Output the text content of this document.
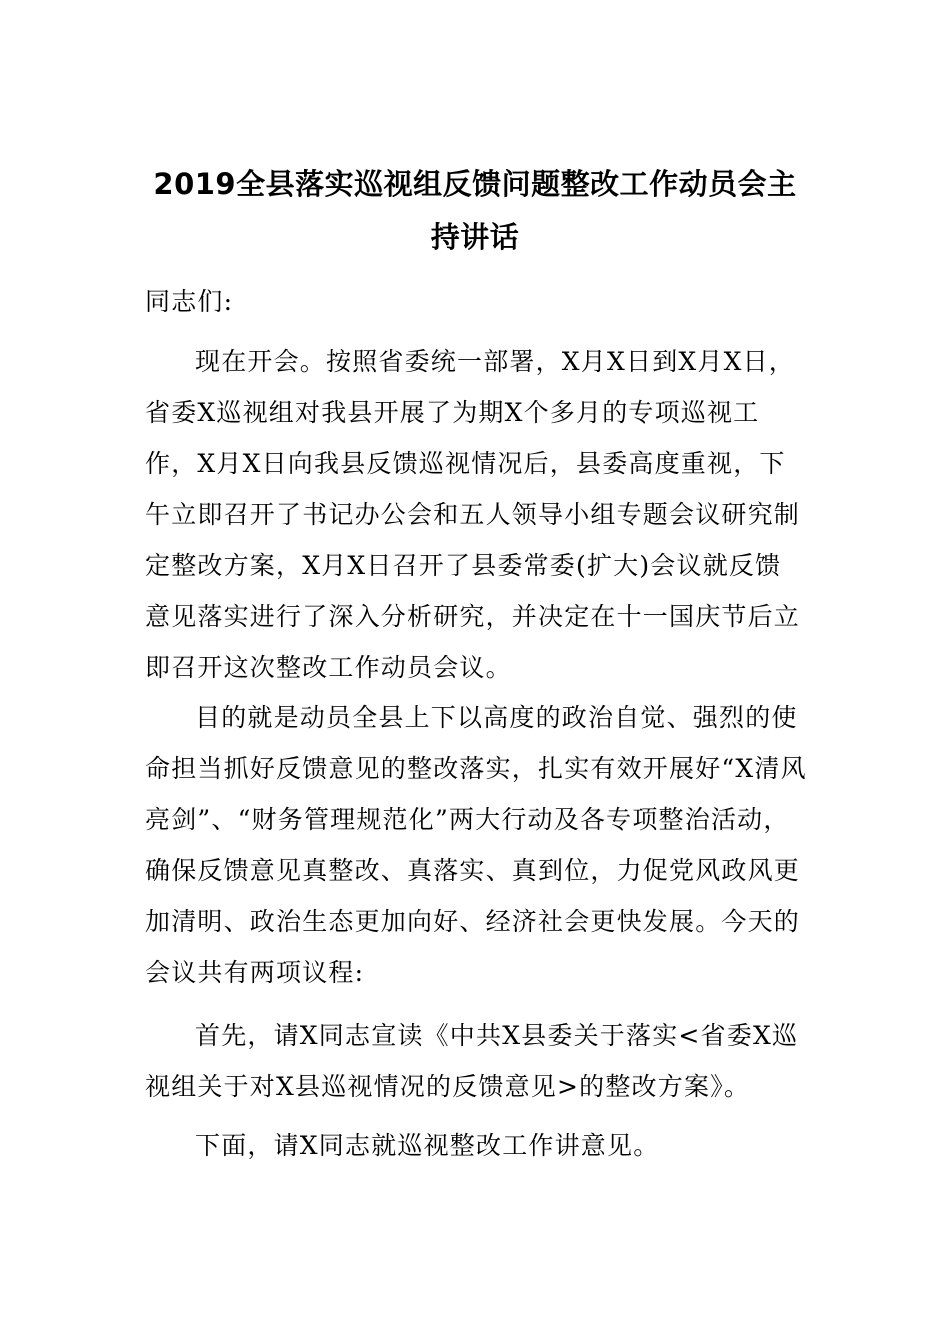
2019全县落实巡视组反馈问题整改工作动员会主持讲话

同志们:

现在开会。按照省委统一部署，X月X日到X月X日，省委X巡视组对我县开展了为期X个多月的专项巡视工作，X月X日向我县反馈巡视情况后，县委高度重视，下午立即召开了书记办公会和五人领导小组专题会议研究制定整改方案，X月X日召开了县委常委(扩大)会议就反馈意见落实进行了深入分析研究，并决定在十一国庆节后立即召开这次整改工作动员会议。

目的就是动员全县上下以高度的政治自觉、强烈的使命担当抓好反馈意见的整改落实，扎实有效开展好“X清风亮剑”、“财务管理规范化”两大行动及各专项整治活动，确保反馈意见真整改、真落实、真到位，力促党风政风更加清明、政治生态更加向好、经济社会更快发展。今天的会议共有两项议程:

首先，请X同志宣读《中共X县委关于落实<省委X巡视组关于对X县巡视情况的反馈意见>的整改方案》。

下面，请X同志就巡视整改工作讲意见。
